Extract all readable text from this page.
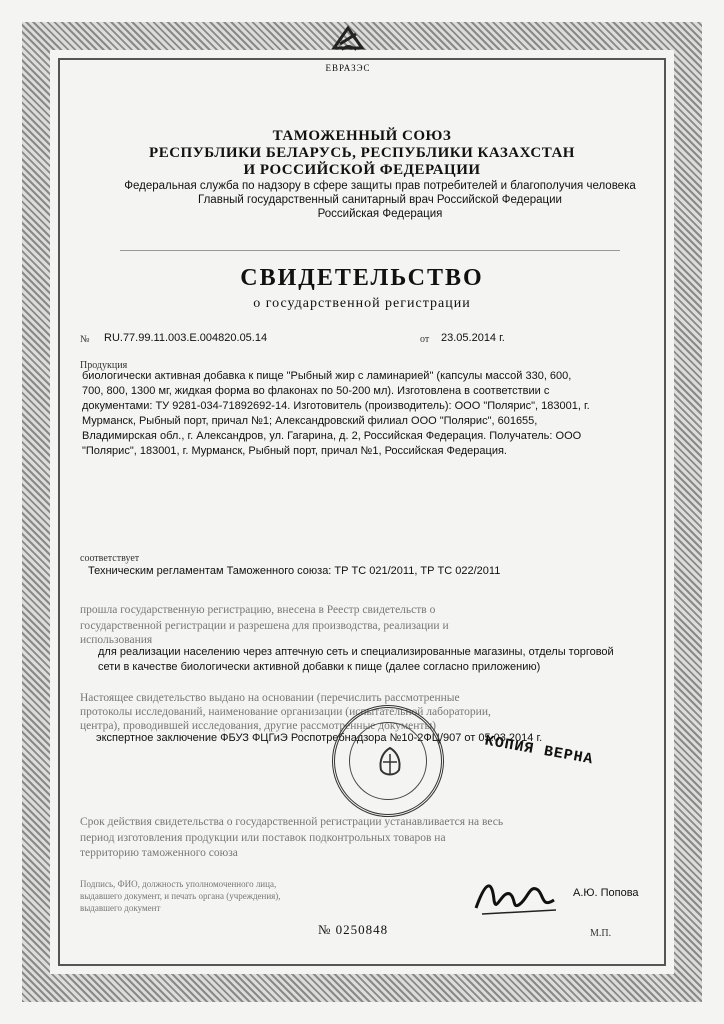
ЕВРАЗЭС
ТАМОЖЕННЫЙ СОЮЗ
РЕСПУБЛИКИ БЕЛАРУСЬ, РЕСПУБЛИКИ КАЗАХСТАН
И РОССИЙСКОЙ ФЕДЕРАЦИИ
Федеральная служба по надзору в сфере защиты прав потребителей и благополучия человека
Главный государственный санитарный врач Российской Федерации
Российская Федерация
СВИДЕТЕЛЬСТВО
о государственной регистрации
№ RU.77.99.11.003.Е.004820.05.14	от 23.05.2014 г.
Продукция
биологически активная добавка к пище "Рыбный жир с ламинарией" (капсулы массой 330, 600,
700, 800, 1300 мг, жидкая форма во флаконах по 50-200 мл). Изготовлена в соответствии с
документами: ТУ 9281-034-71892692-14. Изготовитель (производитель): ООО "Полярис", 183001, г.
Мурманск, Рыбный порт, причал №1; Александровский филиал ООО "Полярис", 601655,
Владимирская обл., г. Александров, ул. Гагарина, д. 2, Российская Федерация. Получатель: ООО
"Полярис", 183001, г. Мурманск, Рыбный порт, причал №1, Российская Федерация.
соответствует
Техническим регламентам Таможенного союза: ТР ТС 021/2011, ТР ТС 022/2011
прошла государственную регистрацию, внесена в Реестр свидетельств о
государственной регистрации и разрешена для производства, реализации и
использования
для реализации населению через аптечную сеть и специализированные магазины, отделы торговой
сети в качестве биологически активной добавки к пище (далее согласно приложению)
Настоящее свидетельство выдано на основании (перечислить рассмотренные
протоколы исследований, наименование организации (испытательной лаборатории,
центра), проводившей исследования, другие рассмотренные документы)
экспертное заключение ФБУЗ ФЦГиЭ Роспотребнадзора №10-2ФЦ/907 от 05.03.2014 г.
КОПИЯ ВЕРНА
Срок действия свидетельства о государственной регистрации устанавливается на весь
период изготовления продукции или поставок подконтрольных товаров на
территорию таможенного союза
Подпись, ФИО, должность уполномоченного лица,
выдавшего документ, и печать органа (учреждения),
выдавшего документ
А.Ю. Попова
№ 0250848	М.П.
